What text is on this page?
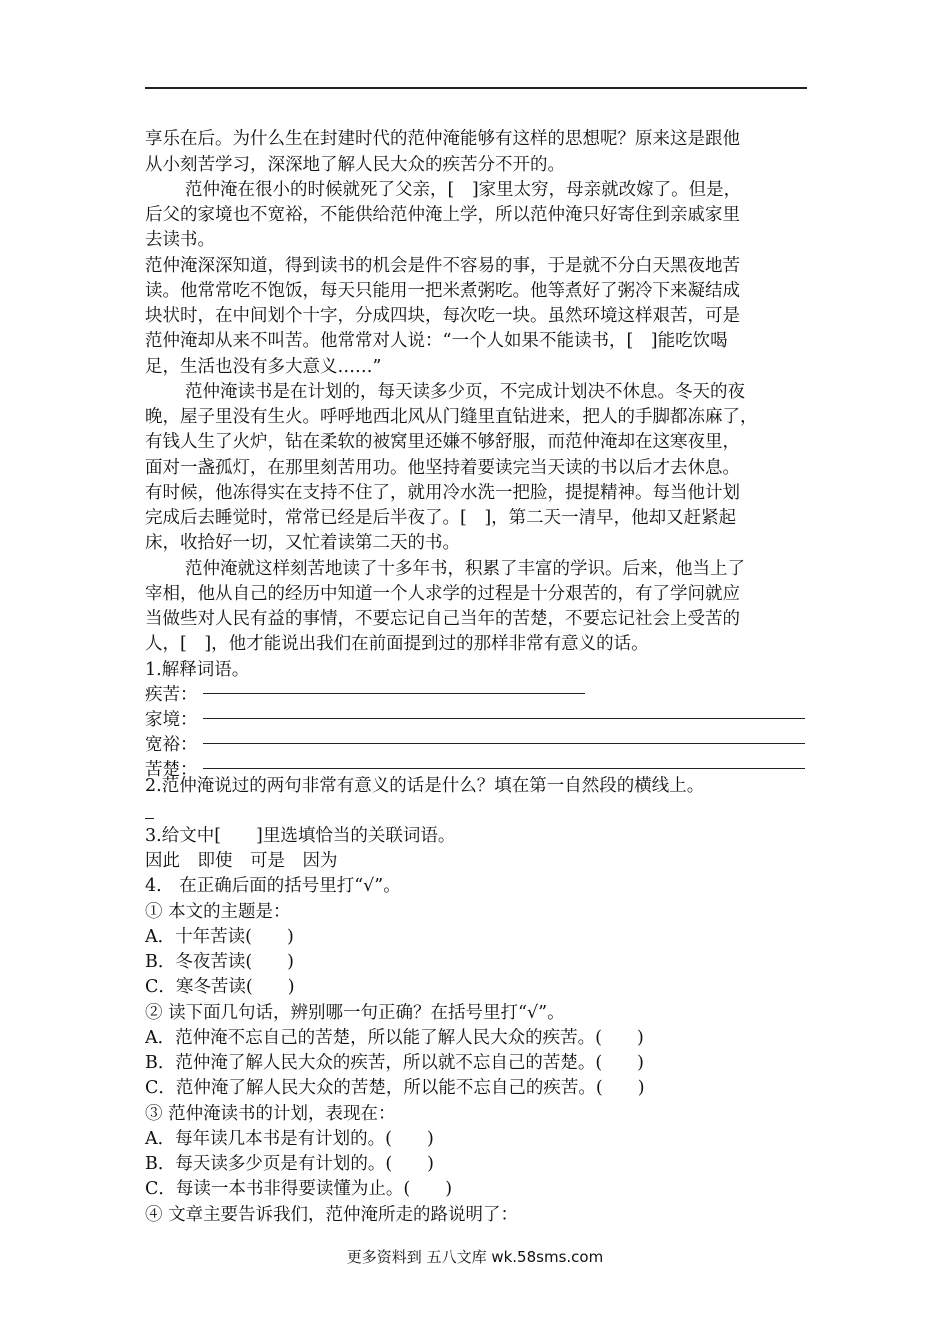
享乐在后。为什么生在封建时代的范仲淹能够有这样的思想呢？原来这是跟他
从小刻苦学习，深深地了解人民大众的疾苦分不开的。
范仲淹在很小的时候就死了父亲，[　]家里太穷，母亲就改嫁了。但是，
后父的家境也不宽裕，不能供给范仲淹上学，所以范仲淹只好寄住到亲戚家里
去读书。
范仲淹深深知道，得到读书的机会是件不容易的事，于是就不分白天黑夜地苦
读。他常常吃不饱饭，每天只能用一把米煮粥吃。他等煮好了粥冷下来凝结成
块状时，在中间划个十字，分成四块，每次吃一块。虽然环境这样艰苦，可是
范仲淹却从来不叫苦。他常常对人说：“一个人如果不能读书，[　]能吃饮喝
足，生活也没有多大意义……”
范仲淹读书是在计划的，每天读多少页，不完成计划决不休息。冬天的夜
晚，屋子里没有生火。呼呼地西北风从门缝里直钻进来，把人的手脚都冻麻了，
有钱人生了火炉，钻在柔软的被窝里还嫌不够舒服，而范仲淹却在这寒夜里，
面对一盏孤灯，在那里刻苦用功。他坚持着要读完当天读的书以后才去休息。
有时候，他冻得实在支持不住了，就用冷水洗一把脸，提提精神。每当他计划
完成后去睡觉时，常常已经是后半夜了。[　]，第二天一清早，他却又赶紧起
床，收拾好一切，又忙着读第二天的书。
范仲淹就这样刻苦地读了十多年书，积累了丰富的学识。后来，他当上了
宰相，他从自己的经历中知道一个人求学的过程是十分艰苦的，有了学问就应
当做些对人民有益的事情，不要忘记自己当年的苦楚，不要忘记社会上受苦的
人，[　]，他才能说出我们在前面提到过的那样非常有意义的话。
1.解释词语。
疾苦：
家境：
宽裕：
苦楚：
2.范仲淹说过的两句非常有意义的话是什么？填在第一自然段的横线上。
3.给文中[　　]里选填恰当的关联词语。
因此　即使　可是　因为
4.　在正确后面的括号里打“√”。
① 本文的主题是：
A．十年苦读(　　)
B．冬夜苦读(　　)
C．寒冬苦读(　　)
② 读下面几句话，辨别哪一句正确？在括号里打“√”。
A．范仲淹不忘自己的苦楚，所以能了解人民大众的疾苦。(　　)
B．范仲淹了解人民大众的疾苦，所以就不忘自己的苦楚。(　　)
C．范仲淹了解人民大众的苦楚，所以能不忘自己的疾苦。(　　)
③ 范仲淹读书的计划，表现在：
A．每年读几本书是有计划的。(　　)
B．每天读多少页是有计划的。(　　)
C．每读一本书非得要读懂为止。(　　)
④ 文章主要告诉我们，范仲淹所走的路说明了：
更多资料到 五八文库 wk.58sms.com
